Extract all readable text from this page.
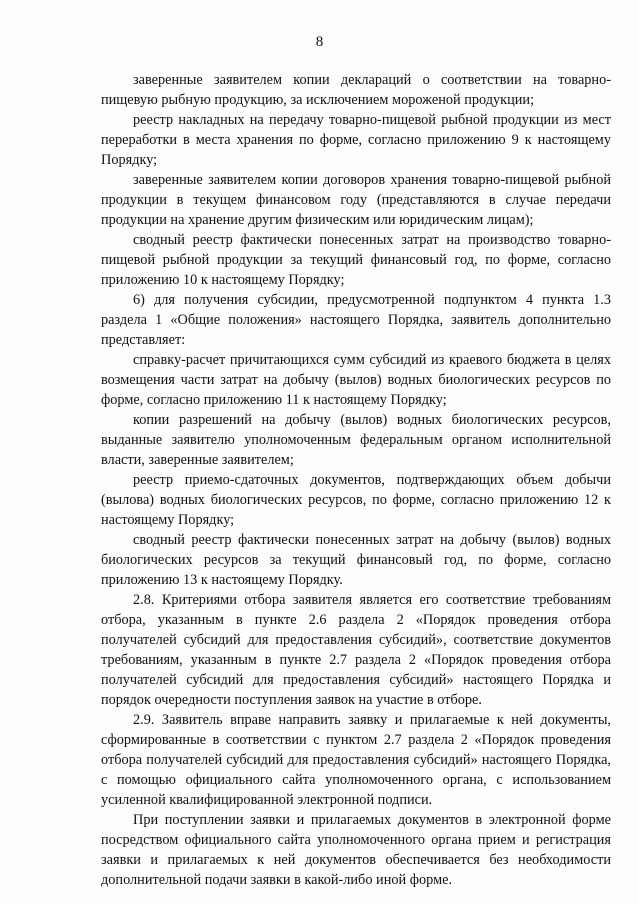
8

заверенные заявителем копии деклараций о соответствии на товарно-пищевую рыбную продукцию, за исключением мороженой продукции;

реестр накладных на передачу товарно-пищевой рыбной продукции из мест переработки в места хранения по форме, согласно приложению 9 к настоящему Порядку;

заверенные заявителем копии договоров хранения товарно-пищевой рыбной продукции в текущем финансовом году (представляются в случае передачи продукции на хранение другим физическим или юридическим лицам);

сводный реестр фактически понесенных затрат на производство товарно-пищевой рыбной продукции за текущий финансовый год, по форме, согласно приложению 10 к настоящему Порядку;

6) для получения субсидии, предусмотренной подпунктом 4 пункта 1.3 раздела 1 «Общие положения» настоящего Порядка, заявитель дополнительно представляет:

справку-расчет причитающихся сумм субсидий из краевого бюджета в целях возмещения части затрат на добычу (вылов) водных биологических ресурсов по форме, согласно приложению 11 к настоящему Порядку;

копии разрешений на добычу (вылов) водных биологических ресурсов, выданные заявителю уполномоченным федеральным органом исполнительной власти, заверенные заявителем;

реестр приемо-сдаточных документов, подтверждающих объем добычи (вылова) водных биологических ресурсов, по форме, согласно приложению 12 к настоящему Порядку;

сводный реестр фактически понесенных затрат на добычу (вылов) водных биологических ресурсов за текущий финансовый год, по форме, согласно приложению 13 к настоящему Порядку.

2.8. Критериями отбора заявителя является его соответствие требованиям отбора, указанным в пункте 2.6 раздела 2 «Порядок проведения отбора получателей субсидий для предоставления субсидий», соответствие документов требованиям, указанным в пункте 2.7 раздела 2 «Порядок проведения отбора получателей субсидий для предоставления субсидий» настоящего Порядка и порядок очередности поступления заявок на участие в отборе.

2.9. Заявитель вправе направить заявку и прилагаемые к ней документы, сформированные в соответствии с пунктом 2.7 раздела 2 «Порядок проведения отбора получателей субсидий для предоставления субсидий» настоящего Порядка, с помощью официального сайта уполномоченного органа, с использованием усиленной квалифицированной электронной подписи.

При поступлении заявки и прилагаемых документов в электронной форме посредством официального сайта уполномоченного органа прием и регистрация заявки и прилагаемых к ней документов обеспечивается без необходимости дополнительной подачи заявки в какой-либо иной форме.
